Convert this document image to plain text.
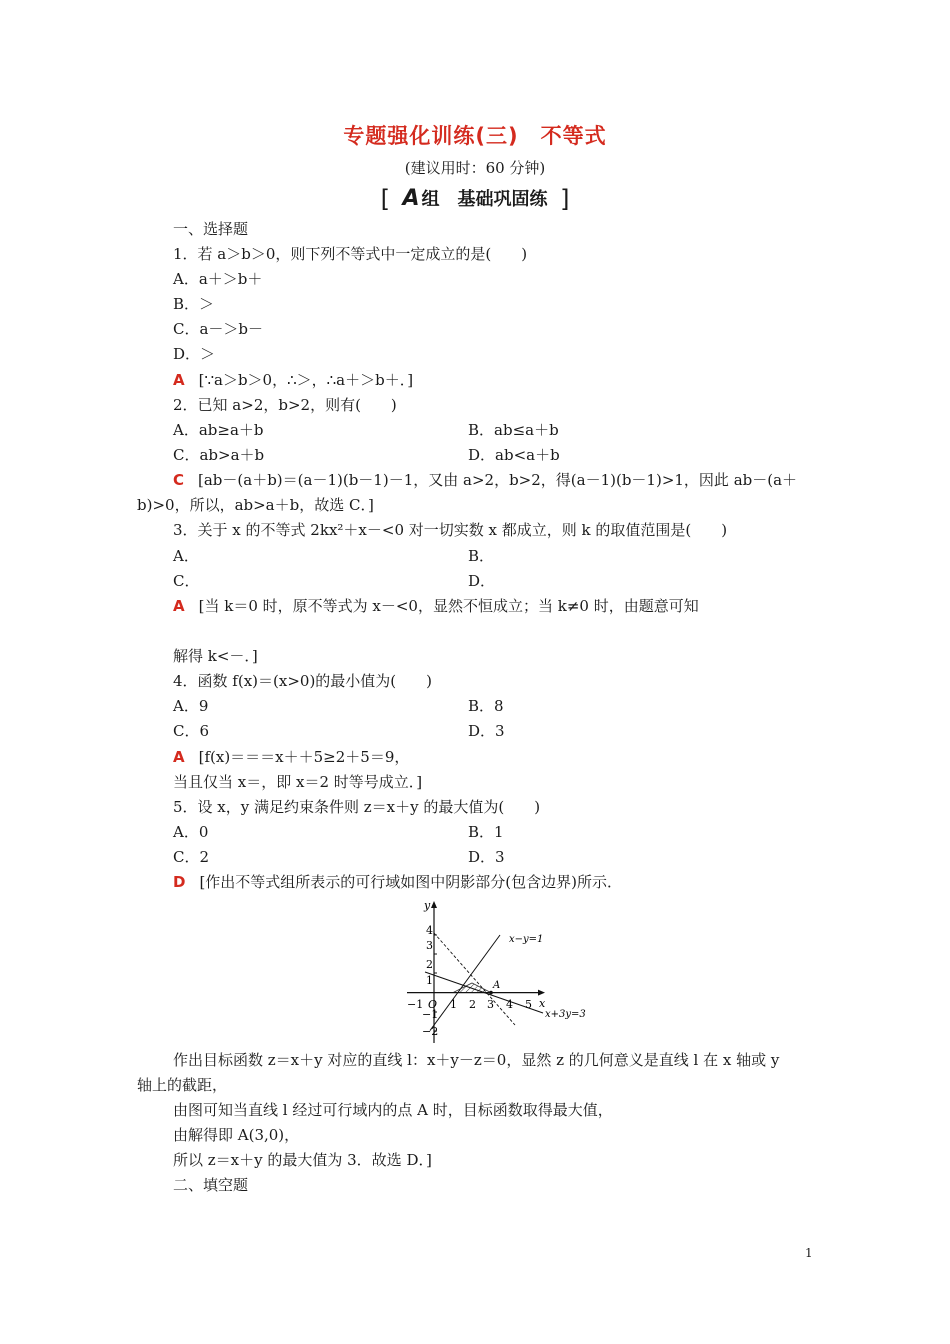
专题强化训练(三)　不等式
(建议用时：60 分钟)
[ A 组　基础巩固练 ]
一、选择题
1．若 a＞b＞0，则下列不等式中一定成立的是(　　)
A．a＋＞b＋
B．＞
C．a－＞b－
D．＞
A [∵a＞b＞0，∴＞，∴a＋＞b＋．]
2．已知 a>2，b>2，则有(　　)
A．ab≥a＋b	B．ab≤a＋b
C．ab>a＋b	D．ab<a＋b
C [ab－(a＋b)＝(a－1)(b－1)－1，又由 a>2，b>2，得(a－1)(b－1)>1，因此 ab－(a＋
b)>0，所以，ab>a＋b，故选 C．]
3．关于 x 的不等式 2kx²＋x－<0 对一切实数 x 都成立，则 k 的取值范围是(　　)
A．	B．
C．	D．
A [当 k＝0 时，原不等式为 x－<0，显然不恒成立；当 k≠0 时，由题意可知
解得 k<－．]
4．函数 f(x)＝(x>0)的最小值为(　　)
A．9	B．8
C．6	D．3
A [f(x)＝＝＝x＋＋5≥2＋5＝9，
当且仅当 x＝，即 x＝2 时等号成立．]
5．设 x，y 满足约束条件则 z＝x＋y 的最大值为(　　)
A．0	B．1
C．2	D．3
D [作出不等式组所表示的可行域如图中阴影部分(包含边界)所示．
作出目标函数 z＝x＋y 对应的直线 l：x＋y－z＝0，显然 z 的几何意义是直线 l 在 x 轴或 y
轴上的截距，
由图可知当直线 l 经过可行域内的点 A 时，目标函数取得最大值，
由解得即 A(3,0)，
所以 z＝x＋y 的最大值为 3．故选 D．]
二、填空题
x
y
A
x−y=1
x+3y=3
−1 O 1 2 3 4 5
4
3
2
1
−1
−2
1
